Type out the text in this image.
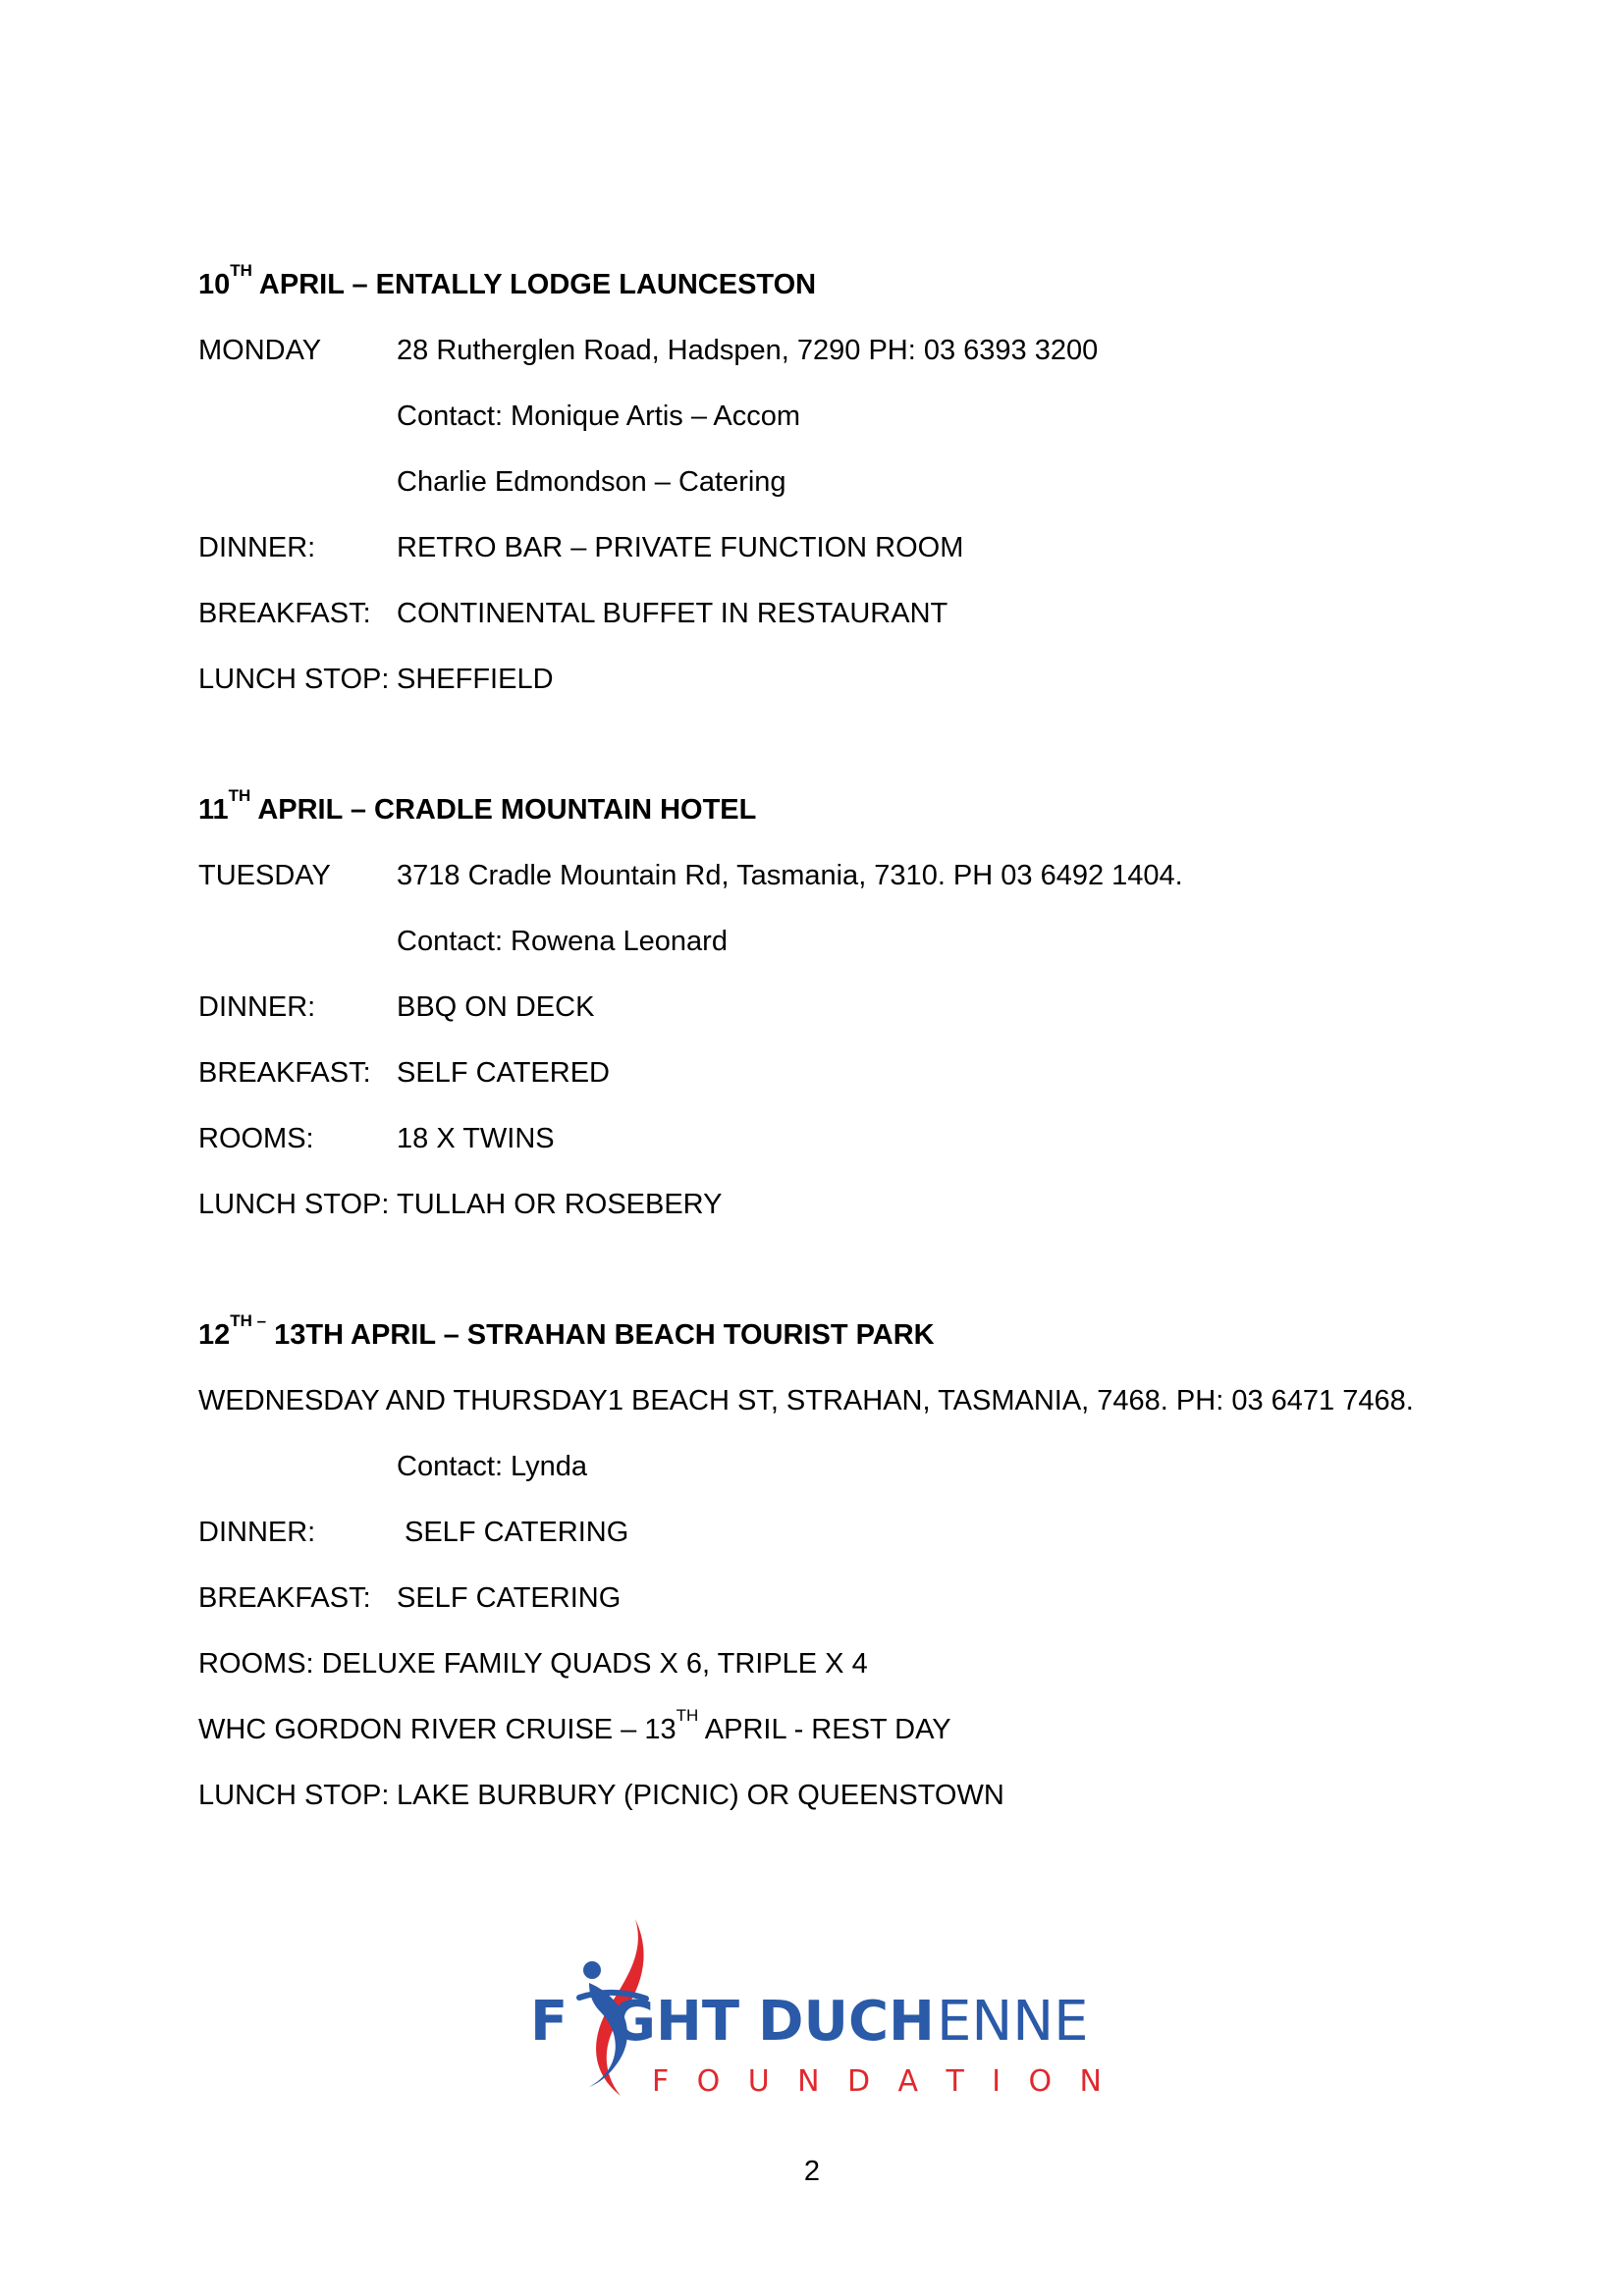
10TH APRIL – ENTALLY LODGE LAUNCESTON
MONDAY	28 Rutherglen Road, Hadspen, 7290 PH: 03 6393 3200
Contact: Monique Artis – Accom
Charlie Edmondson – Catering
DINNER:	RETRO BAR – PRIVATE FUNCTION ROOM
BREAKFAST: CONTINENTAL BUFFET IN RESTAURANT
LUNCH STOP: SHEFFIELD
11TH APRIL – CRADLE MOUNTAIN HOTEL
TUESDAY 3718 Cradle Mountain Rd, Tasmania, 7310. PH 03 6492 1404.
Contact: Rowena Leonard
DINNER:	BBQ ON DECK
BREAKFAST: SELF CATERED
ROOMS:	18 X TWINS
LUNCH STOP: TULLAH OR ROSEBERY
$12^{TH -}$ 13TH APRIL – STRAHAN BEACH TOURIST PARK
WEDNESDAY AND THURSDAY1 BEACH ST, STRAHAN, TASMANIA, 7468. PH: 03 6471 7468.
Contact: Lynda
DINNER:	SELF CATERING
BREAKFAST: SELF CATERING
ROOMS: DELUXE FAMILY QUADS X 6, TRIPLE X 4
WHC GORDON RIVER CRUISE – 13TH APRIL - REST DAY
LUNCH STOP: LAKE BURBURY (PICNIC) OR QUEENSTOWN
F GHT DUCH ENNE
F O U N D A T I O N
2
